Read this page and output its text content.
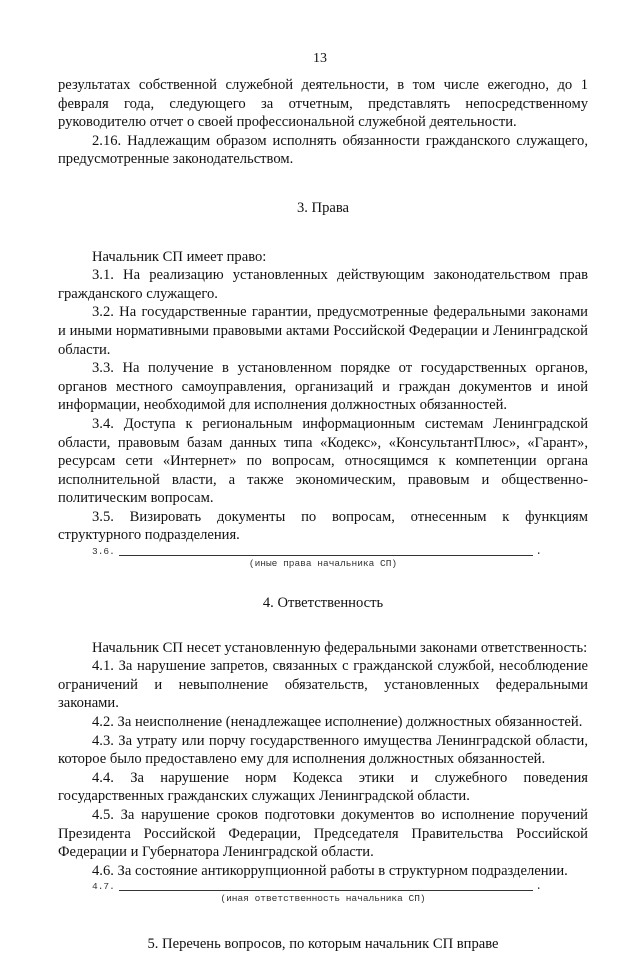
13

результатах собственной служебной деятельности, в том числе ежегодно, до 1 февраля года, следующего за отчетным, представлять непосредственному руководителю отчет о своей профессиональной служебной деятельности.

2.16. Надлежащим образом исполнять обязанности гражданского служащего, предусмотренные законодательством.

3. Права

Начальник СП имеет право:

3.1. На реализацию установленных действующим законодательством прав гражданского служащего.

3.2. На государственные гарантии, предусмотренные федеральными законами и иными нормативными правовыми актами Российской Федерации и Ленинградской области.

3.3. На получение в установленном порядке от государственных органов, органов местного самоуправления, организаций и граждан документов и иной информации, необходимой для исполнения должностных обязанностей.

3.4. Доступа к региональным информационным системам Ленинградской области, правовым базам данных типа «Кодекс», «КонсультантПлюс», «Гарант», ресурсам сети «Интернет» по вопросам, относящимся к компетенции органа исполнительной власти, а также экономическим, правовым и общественно-политическим вопросам.

3.5. Визировать документы по вопросам, отнесенным к функциям структурного подразделения.

3.6.	.
(иные права начальника СП)

4. Ответственность

Начальник СП несет установленную федеральными законами ответственность:

4.1. За нарушение запретов, связанных с гражданской службой, несоблюдение ограничений и невыполнение обязательств, установленных федеральными законами.

4.2. За неисполнение (ненадлежащее исполнение) должностных обязанностей.

4.3. За утрату или порчу государственного имущества Ленинградской области, которое было предоставлено ему для исполнения должностных обязанностей.

4.4. За нарушение норм Кодекса этики и служебного поведения государственных гражданских служащих Ленинградской области.

4.5. За нарушение сроков подготовки документов во исполнение поручений Президента Российской Федерации, Председателя Правительства Российской Федерации и Губернатора Ленинградской области.

4.6. За состояние антикоррупционной работы в структурном подразделении.

4.7.	.
(иная ответственность начальника СП)

5. Перечень вопросов, по которым начальник СП вправе
